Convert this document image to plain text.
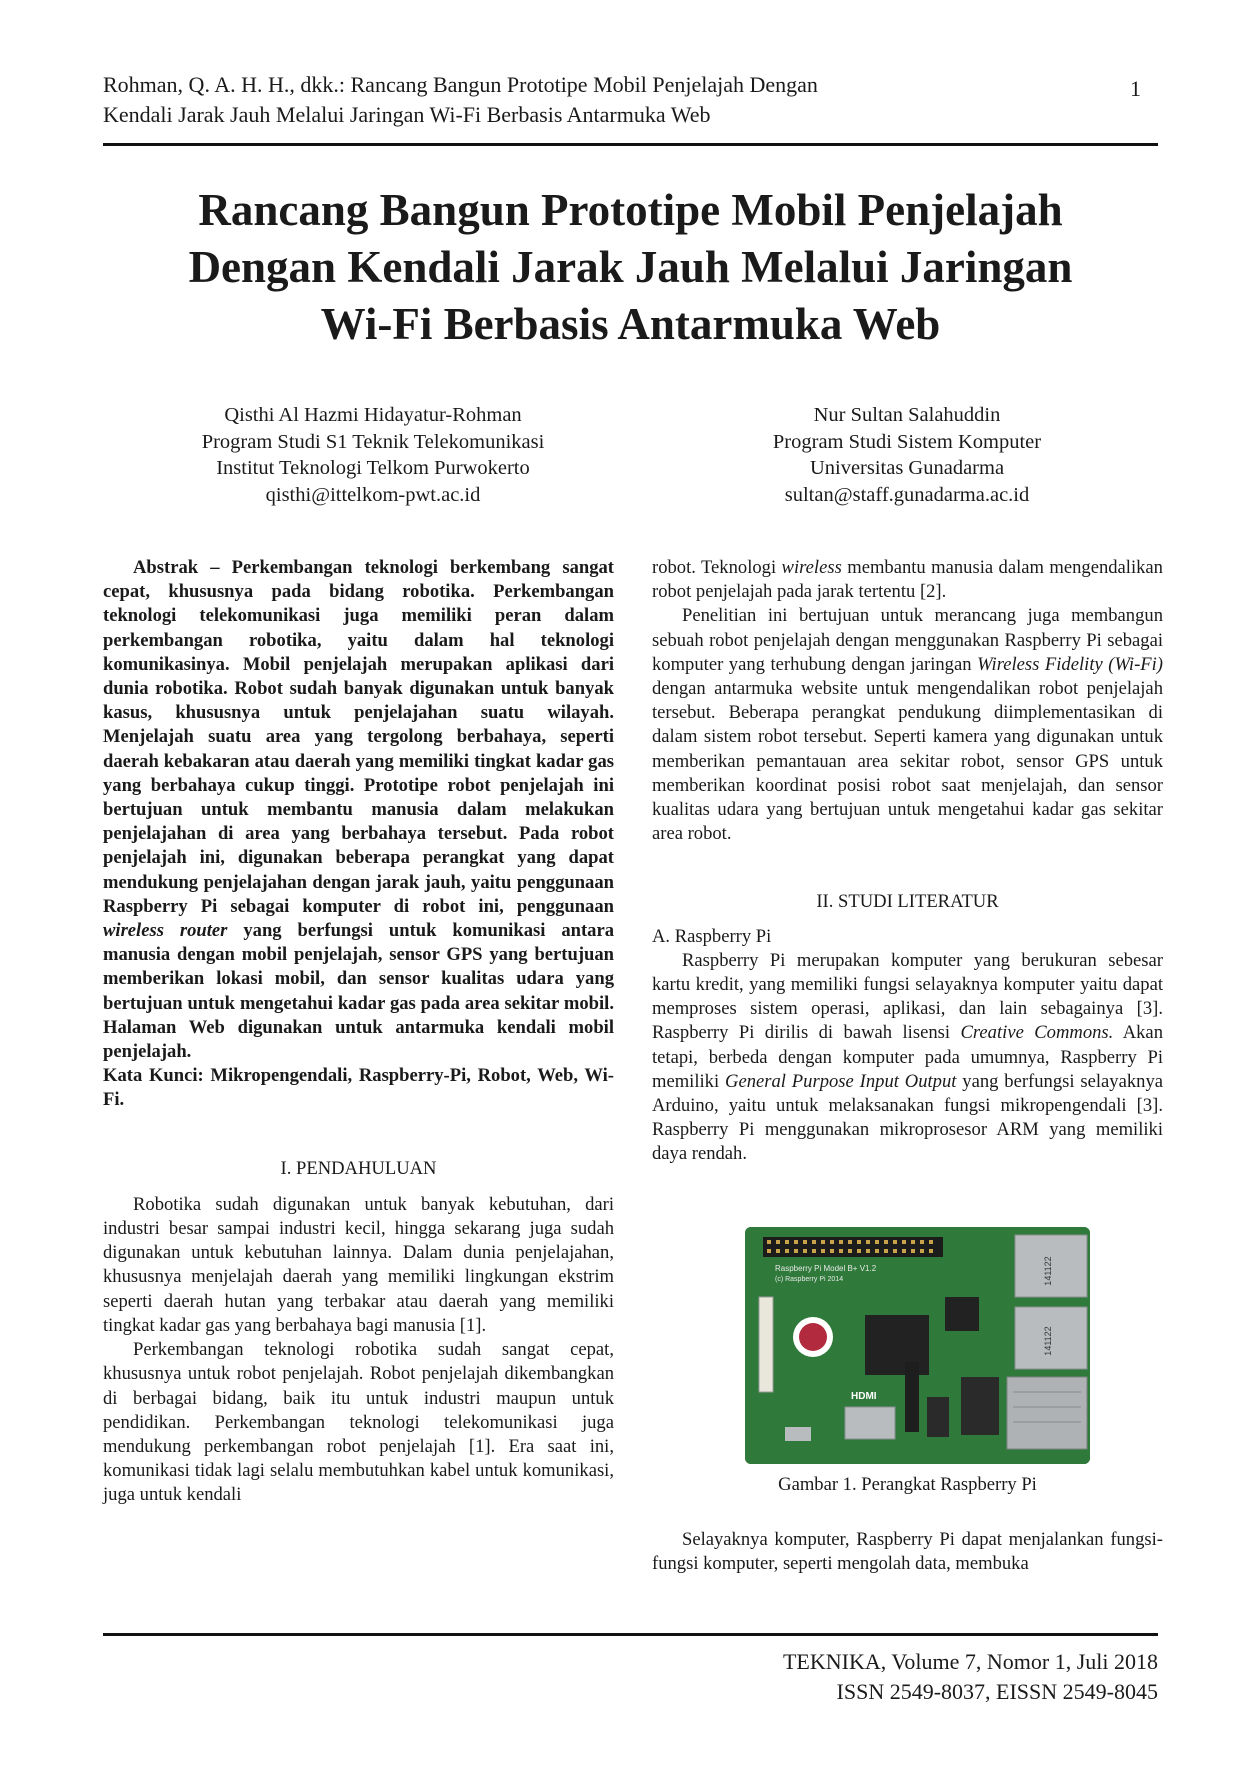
Rohman, Q. A. H. H., dkk.: Rancang Bangun Prototipe Mobil Penjelajah Dengan
Kendali Jarak Jauh Melalui Jaringan Wi-Fi Berbasis Antarmuka Web
1
Rancang Bangun Prototipe Mobil Penjelajah
Dengan Kendali Jarak Jauh Melalui Jaringan
Wi-Fi Berbasis Antarmuka Web
Qisthi Al Hazmi Hidayatur-Rohman
Program Studi S1 Teknik Telekomunikasi
Institut Teknologi Telkom Purwokerto
qisthi@ittelkom-pwt.ac.id
Nur Sultan Salahuddin
Program Studi Sistem Komputer
Universitas Gunadarma
sultan@staff.gunadarma.ac.id

Abstrak – Perkembangan teknologi berkembang sangat cepat, khususnya pada bidang robotika. Perkembangan teknologi telekomunikasi juga memiliki peran dalam perkembangan robotika, yaitu dalam hal teknologi komunikasinya. Mobil penjelajah merupakan aplikasi dari dunia robotika. Robot sudah banyak digunakan untuk banyak kasus, khususnya untuk penjelajahan suatu wilayah. Menjelajah suatu area yang tergolong berbahaya, seperti daerah kebakaran atau daerah yang memiliki tingkat kadar gas yang berbahaya cukup tinggi. Prototipe robot penjelajah ini bertujuan untuk membantu manusia dalam melakukan penjelajahan di area yang berbahaya tersebut. Pada robot penjelajah ini, digunakan beberapa perangkat yang dapat mendukung penjelajahan dengan jarak jauh, yaitu penggunaan Raspberry Pi sebagai komputer di robot ini, penggunaan wireless router yang berfungsi untuk komunikasi antara manusia dengan mobil penjelajah, sensor GPS yang bertujuan memberikan lokasi mobil, dan sensor kualitas udara yang bertujuan untuk mengetahui kadar gas pada area sekitar mobil. Halaman Web digunakan untuk antarmuka kendali mobil penjelajah.

Kata Kunci: Mikropengendali, Raspberry-Pi, Robot, Web, Wi-Fi.

I. PENDAHULUAN

Robotika sudah digunakan untuk banyak kebutuhan, dari industri besar sampai industri kecil, hingga sekarang juga sudah digunakan untuk kebutuhan lainnya. Dalam dunia penjelajahan, khususnya menjelajah daerah yang memiliki lingkungan ekstrim seperti daerah hutan yang terbakar atau daerah yang memiliki tingkat kadar gas yang berbahaya bagi manusia [1].

Perkembangan teknologi robotika sudah sangat cepat, khususnya untuk robot penjelajah. Robot penjelajah dikembangkan di berbagai bidang, baik itu untuk industri maupun untuk pendidikan. Perkembangan teknologi telekomunikasi juga mendukung perkembangan robot penjelajah [1]. Era saat ini, komunikasi tidak lagi selalu membutuhkan kabel untuk komunikasi, juga untuk kendali

robot. Teknologi wireless membantu manusia dalam mengendalikan robot penjelajah pada jarak tertentu [2].

Penelitian ini bertujuan untuk merancang juga membangun sebuah robot penjelajah dengan menggunakan Raspberry Pi sebagai komputer yang terhubung dengan jaringan Wireless Fidelity (Wi-Fi) dengan antarmuka website untuk mengendalikan robot penjelajah tersebut. Beberapa perangkat pendukung diimplementasikan di dalam sistem robot tersebut. Seperti kamera yang digunakan untuk memberikan pemantauan area sekitar robot, sensor GPS untuk memberikan koordinat posisi robot saat menjelajah, dan sensor kualitas udara yang bertujuan untuk mengetahui kadar gas sekitar area robot.

II. STUDI LITERATUR

A. Raspberry Pi

Raspberry Pi merupakan komputer yang berukuran sebesar kartu kredit, yang memiliki fungsi selayaknya komputer yaitu dapat memproses sistem operasi, aplikasi, dan lain sebagainya [3]. Raspberry Pi dirilis di bawah lisensi Creative Commons. Akan tetapi, berbeda dengan komputer pada umumnya, Raspberry Pi memiliki General Purpose Input Output yang berfungsi selayaknya Arduino, yaitu untuk melaksanakan fungsi mikropengendali [3]. Raspberry Pi menggunakan mikroprosesor ARM yang memiliki daya rendah.

141122
141122
Raspberry Pi Model B+ V1.2
(c) Raspberry Pi 2014
HDMI
Gambar 1. Perangkat Raspberry Pi

Selayaknya komputer, Raspberry Pi dapat menjalankan fungsi-fungsi komputer, seperti mengolah data, membuka

TEKNIKA, Volume 7, Nomor 1, Juli 2018
ISSN 2549-8037, EISSN 2549-8045
